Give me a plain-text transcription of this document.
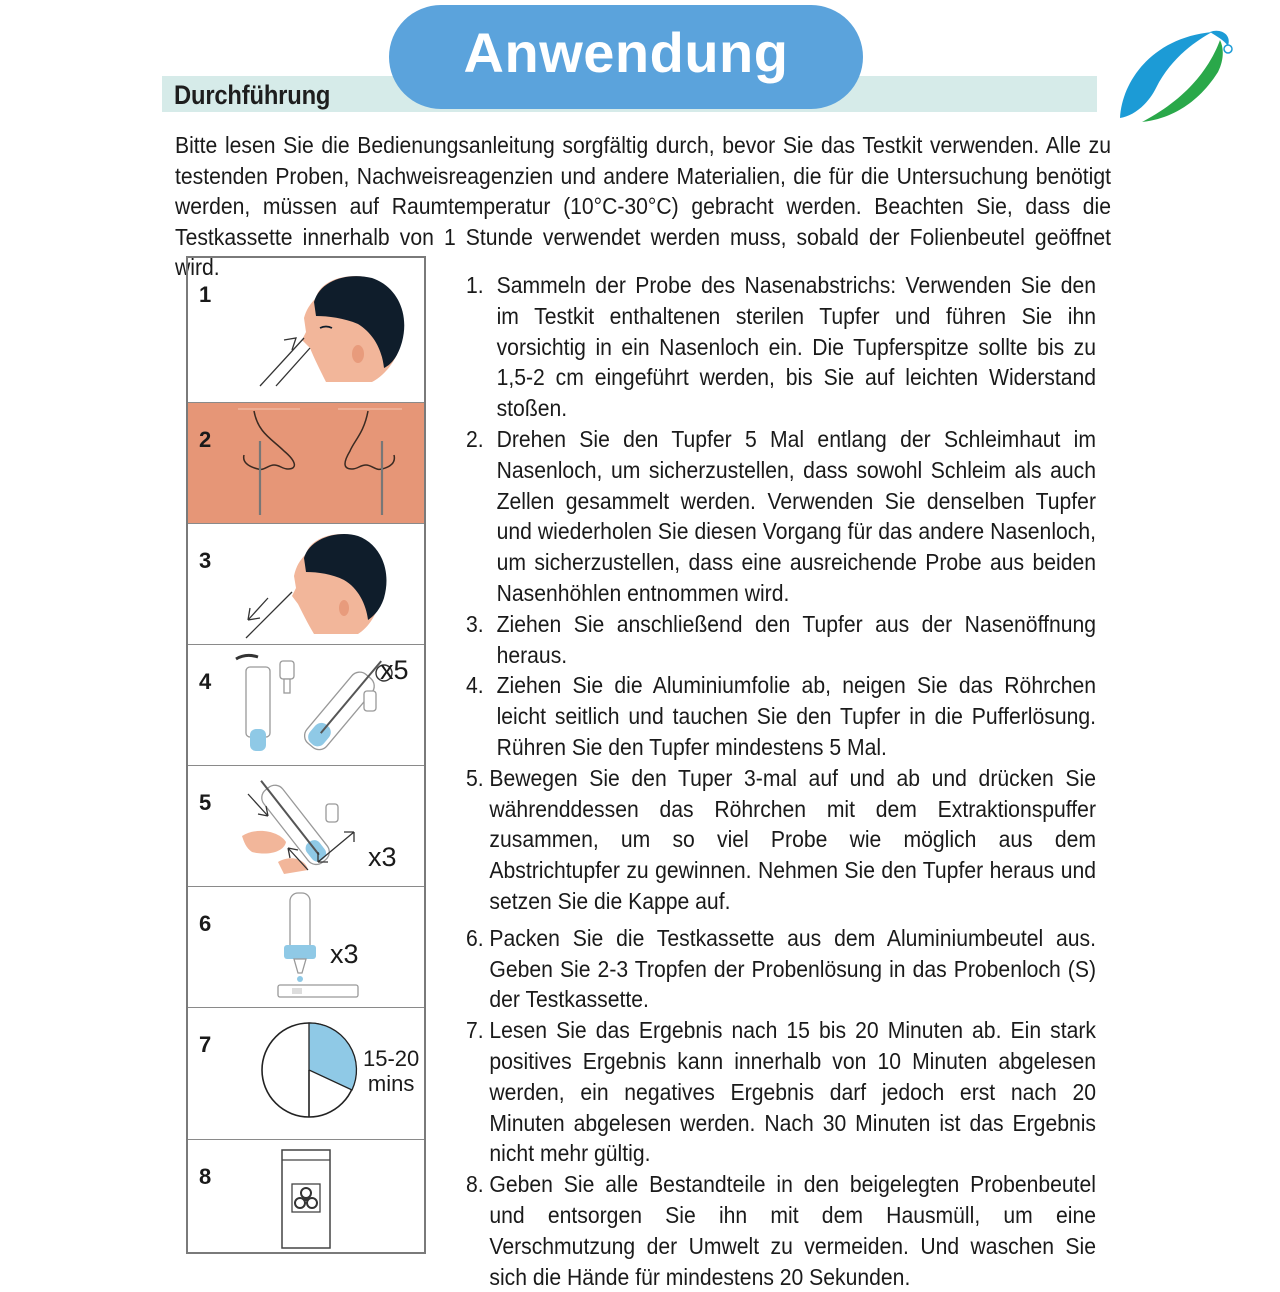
Durchführung
Anwendung
Bitte lesen Sie die Bedienungsanleitung sorgfältig durch, bevor Sie das Testkit verwenden. Alle zu testenden Proben, Nachweisreagenzien und andere Materialien, die für die Untersuchung benötigt werden, müssen auf Raumtemperatur (10°C-30°C) gebracht werden. Beachten Sie, dass die Testkassette innerhalb von 1 Stunde verwendet werden muss, sobald der Folienbeutel geöffnet wird.
1
2
3
4	x5
5
x3
6
x3
7
15-20
mins
8
1. Sammeln der Probe des Nasenabstrichs: Verwenden Sie den im Testkit enthaltenen sterilen Tupfer und führen Sie ihn vorsichtig in ein Nasenloch ein. Die Tupferspitze sollte bis zu 1,5-2 cm eingeführt werden, bis Sie auf leichten Widerstand stoßen.
2. Drehen Sie den Tupfer 5 Mal entlang der Schleimhaut im Nasenloch, um sicherzustellen, dass sowohl Schleim als auch Zellen gesammelt werden. Verwenden Sie denselben Tupfer und wiederholen Sie diesen Vorgang für das andere Nasenloch, um sicherzustellen, dass eine ausreichende Probe aus beiden Nasenhöhlen entnommen wird.
3. Ziehen Sie anschließend den Tupfer aus der Nasenöffnung heraus.
4. Ziehen Sie die Aluminiumfolie ab, neigen Sie das Röhrchen leicht seitlich und tauchen Sie den Tupfer in die Pufferlösung. Rühren Sie den Tupfer mindestens 5 Mal.
5. Bewegen Sie den Tuper 3-mal auf und ab und drücken Sie währenddessen das Röhrchen mit dem Extraktionspuffer zusammen, um so viel Probe wie möglich aus dem Abstrichtupfer zu gewinnen. Nehmen Sie den Tupfer heraus und setzen Sie die Kappe auf.
6. Packen Sie die Testkassette aus dem Aluminiumbeutel aus. Geben Sie 2-3 Tropfen der Probenlösung in das Probenloch (S) der Testkassette.
7. Lesen Sie das Ergebnis nach 15 bis 20 Minuten ab. Ein stark positives Ergebnis kann innerhalb von 10 Minuten abgelesen werden, ein negatives Ergebnis darf jedoch erst nach 20 Minuten abgelesen werden. Nach 30 Minuten ist das Ergebnis nicht mehr gültig.
8. Geben Sie alle Bestandteile in den beigelegten Probenbeutel und entsorgen Sie ihn mit dem Hausmüll, um eine Verschmutzung der Umwelt zu vermeiden. Und waschen Sie sich die Hände für mindestens 20 Sekunden.
